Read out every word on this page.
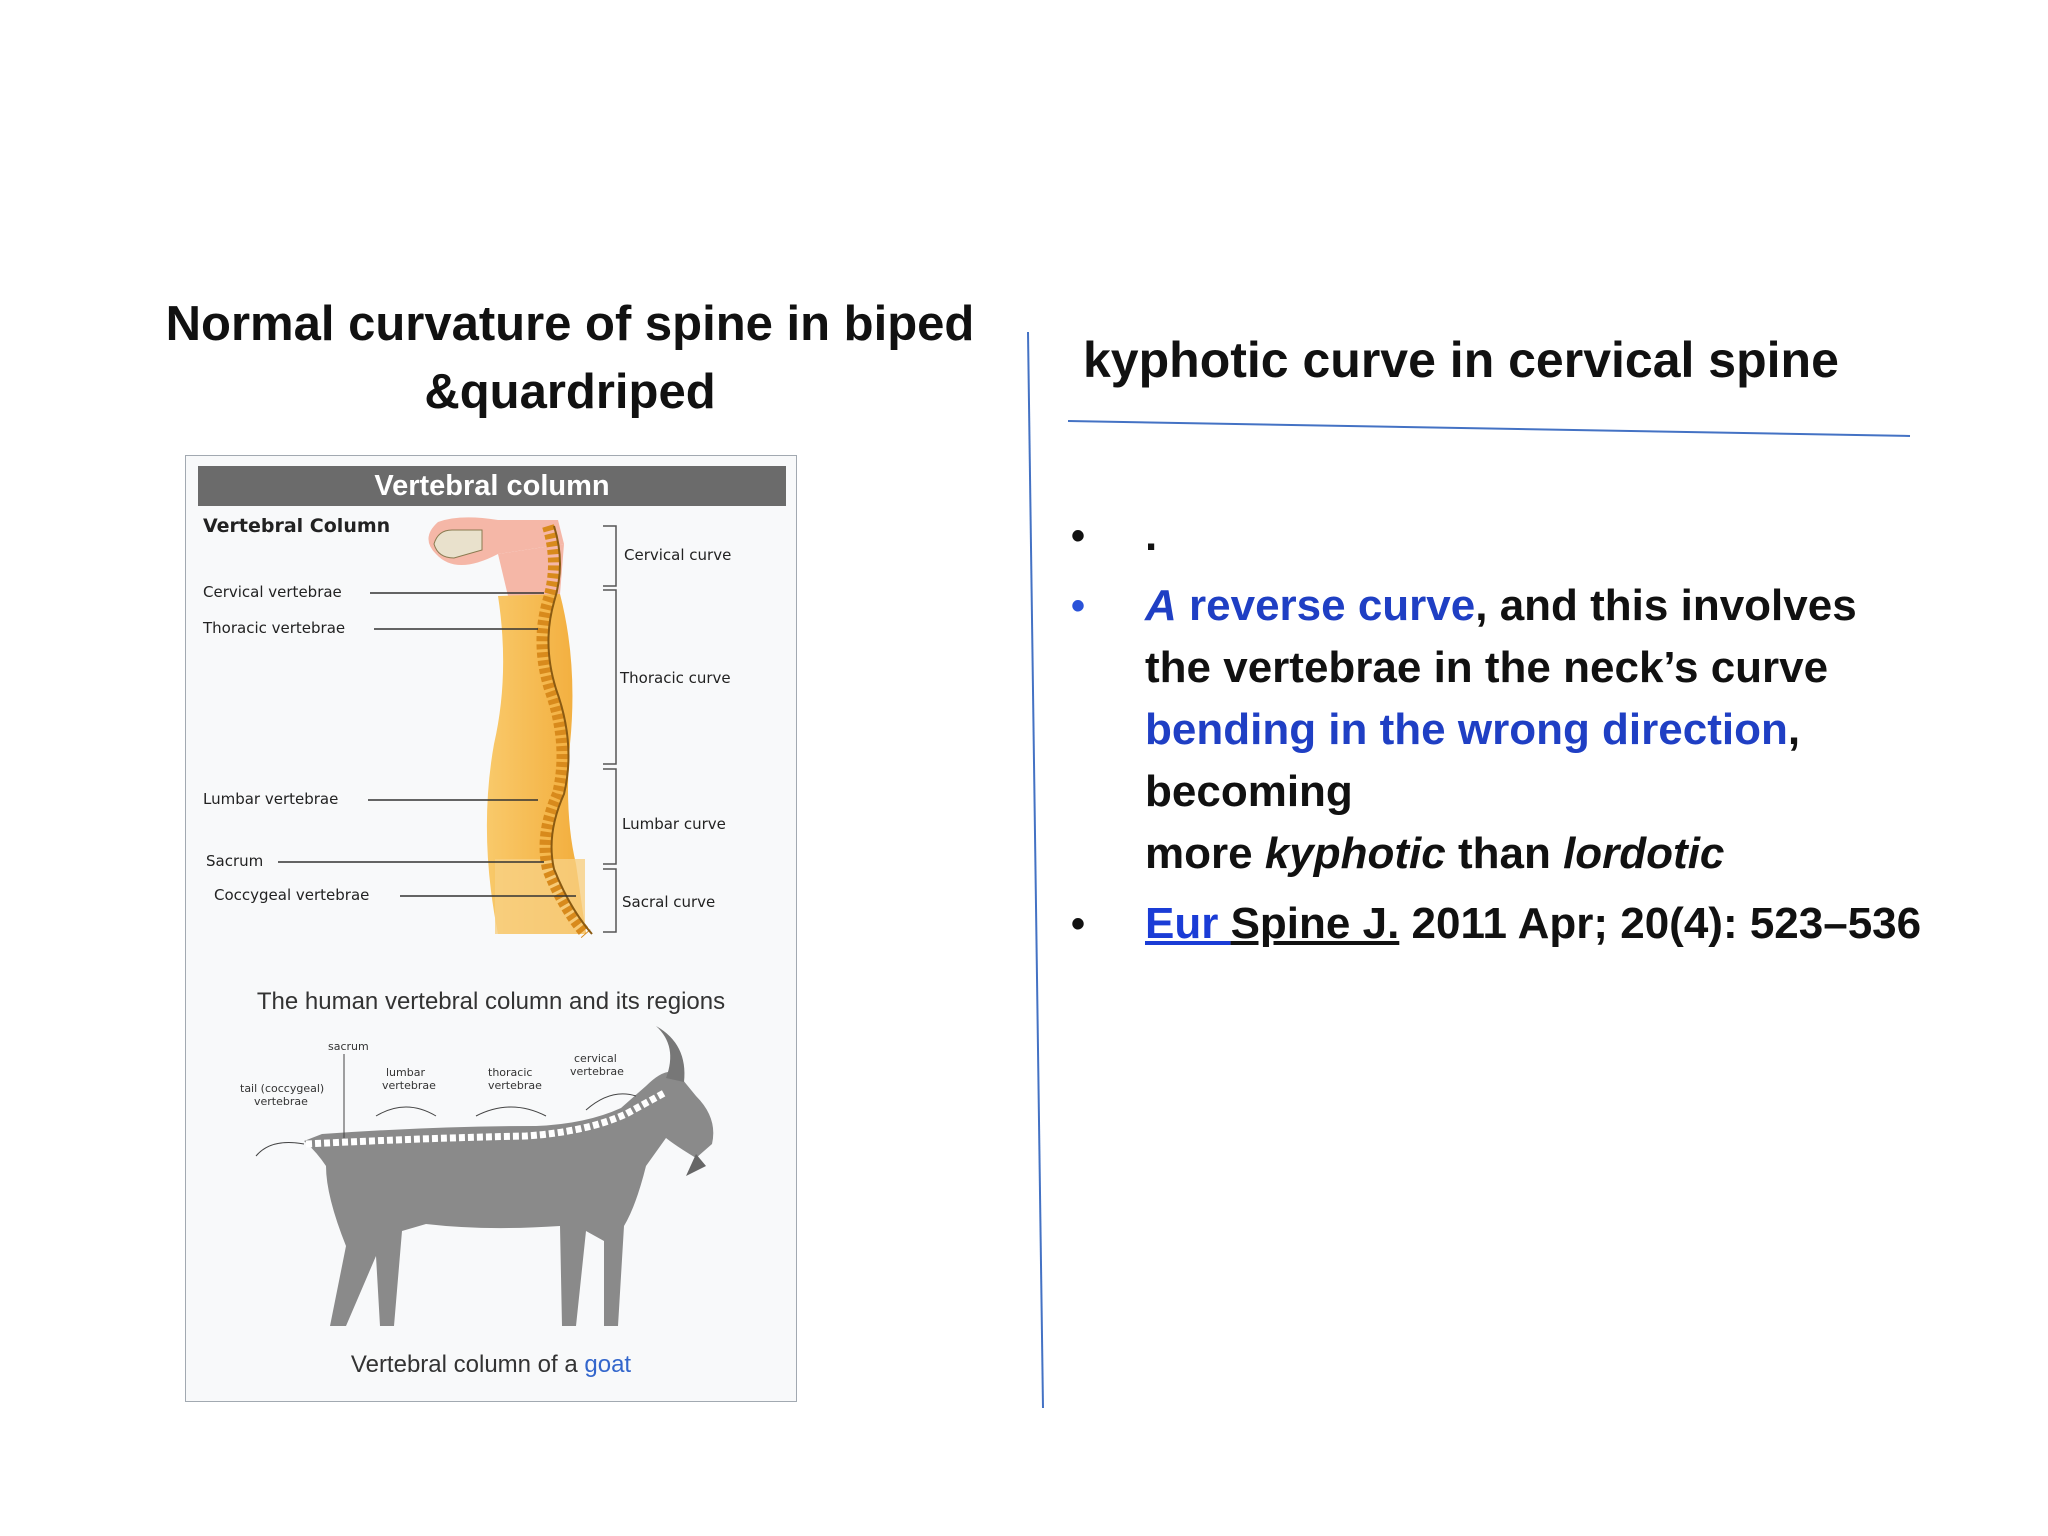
Normal curvature of spine in biped
&quardriped
Vertebral column
Vertebral Column
Cervical vertebrae
Thoracic vertebrae
Lumbar vertebrae
Sacrum
Coccygeal vertebrae
Cervical curve
Thoracic curve
Lumbar curve
Sacral curve
The human vertebral column and its regions
tail (coccygeal)
vertebrae
sacrum
lumbar
vertebrae
thoracic
vertebrae
cervical
vertebrae
Vertebral column of a goat
kyphotic curve in cervical spine
• .
• A reverse curve, and this involves
the vertebrae in the neck’s curve
bending in the wrong direction,
becoming
more kyphotic than lordotic
• Eur Spine J. 2011 Apr; 20(4): 523–536
